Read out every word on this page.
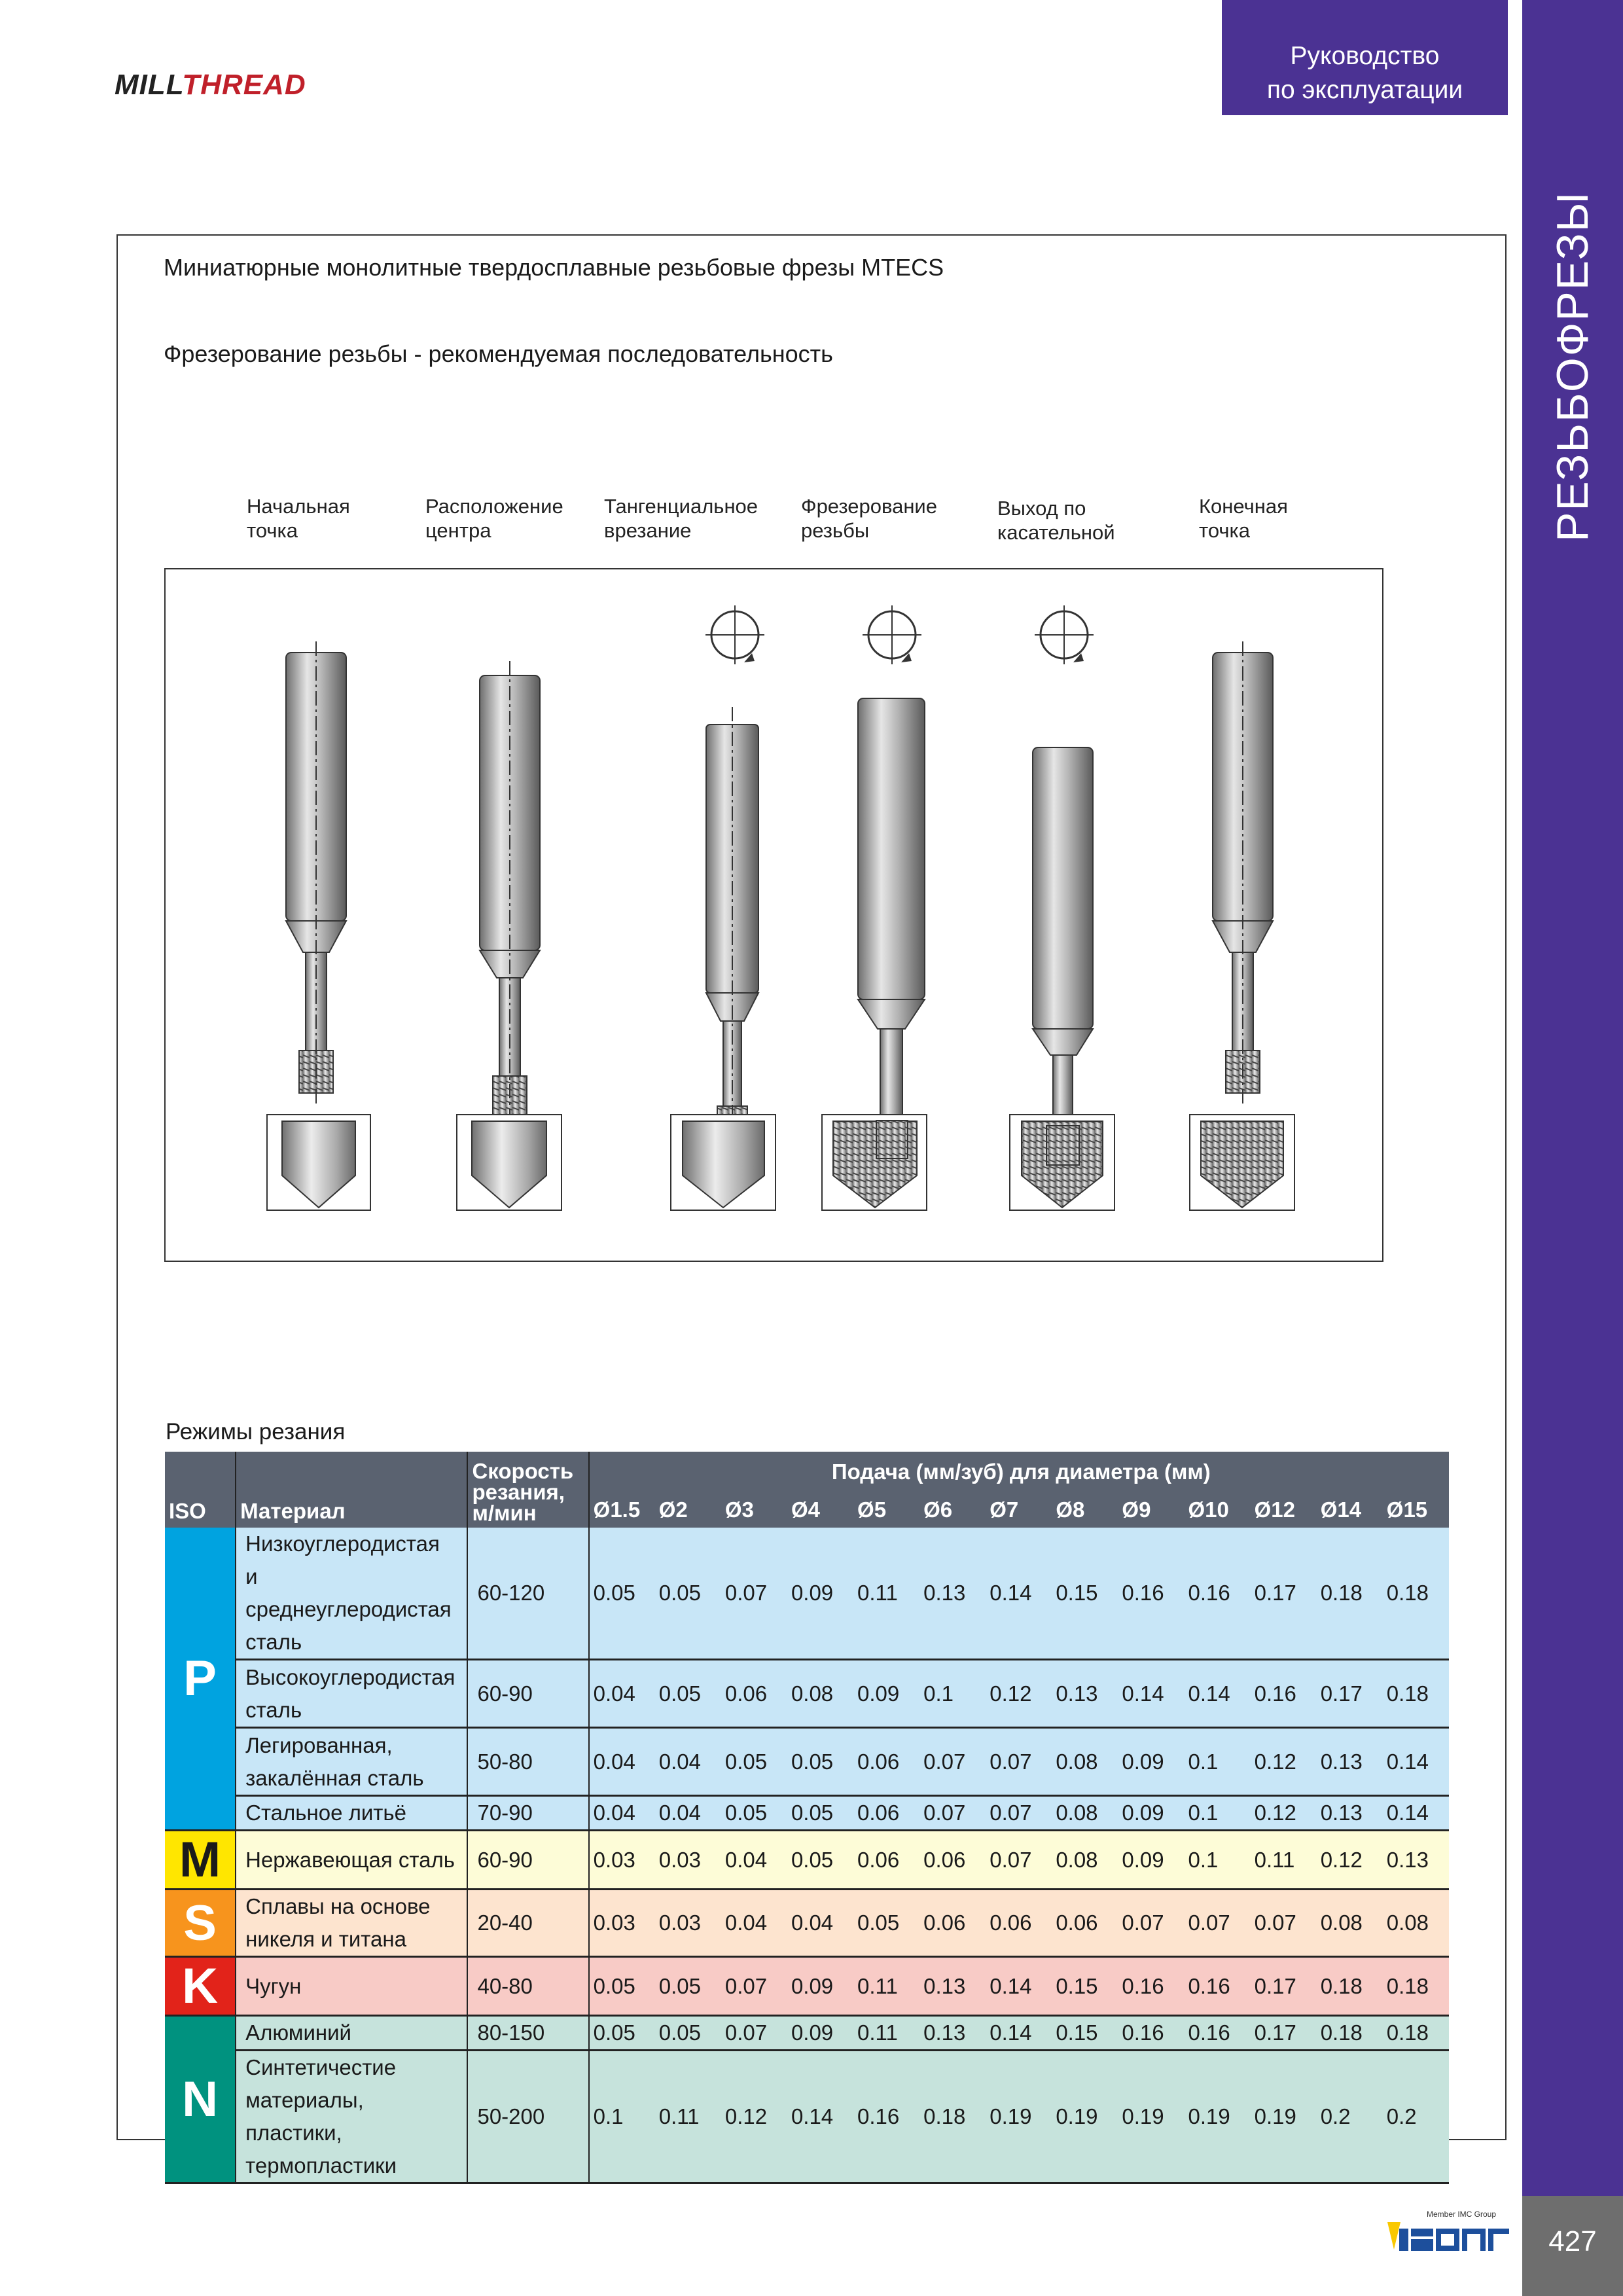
MILLTHREAD
Руководство
по эксплуатации
РЕЗЬБОФРЕЗЫ
427
Member IMC Group
Миниатюрные монолитные твердосплавные резьбовые фрезы MTECS
Фрезерование резьбы - рекомендуемая последовательность
Начальная
точка
Расположение
центра
Тангенциальное
врезание
Фрезерование
резьбы
Выход по
касательной
Конечная
точка
Режимы резания
ISO	Материал	Скорость резания, м/мин	Подача (мм/зуб) для диаметра (мм)												
			Ø1.5	Ø2	Ø3	Ø4	Ø5	Ø6	Ø7	Ø8	Ø9	Ø10	Ø12	Ø14	Ø15
P	Низкоуглеродистая
и среднеуглеродистая
сталь	60-120	0.05	0.05	0.07	0.09	0.11	0.13	0.14	0.15	0.16	0.16	0.17	0.18	0.18

	Высокоуглеродистая
сталь	60-90	0.04	0.05	0.06	0.08	0.09	0.1	0.12	0.13	0.14	0.14	0.16	0.17	0.18

	Легированная,
закалённая сталь	50-80	0.04	0.04	0.05	0.05	0.06	0.07	0.07	0.08	0.09	0.1	0.12	0.13	0.14

	Стальное литьё	70-90	0.04	0.04	0.05	0.05	0.06	0.07	0.07	0.08	0.09	0.1	0.12	0.13	0.14
M	Нержавеющая сталь	60-90	0.03	0.03	0.04	0.05	0.06	0.06	0.07	0.08	0.09	0.1	0.11	0.12	0.13
S	Сплавы на основе
никеля и титана	20-40	0.03	0.03	0.04	0.04	0.05	0.06	0.06	0.06	0.07	0.07	0.07	0.08	0.08
K	Чугун	40-80	0.05	0.05	0.07	0.09	0.11	0.13	0.14	0.15	0.16	0.16	0.17	0.18	0.18
N	Алюминий	80-150	0.05	0.05	0.07	0.09	0.11	0.13	0.14	0.15	0.16	0.16	0.17	0.18	0.18

	Синтетичестие
материалы,
пластики,
термопластики	50-200	0.1	0.11	0.12	0.14	0.16	0.18	0.19	0.19	0.19	0.19	0.19	0.2	0.2
